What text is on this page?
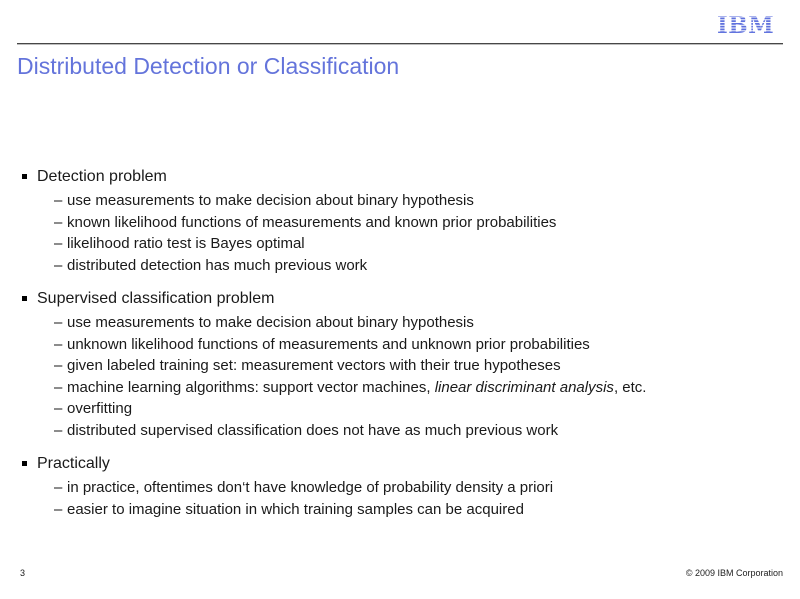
IBM
Distributed Detection or Classification
Detection problem
– use measurements to make decision about binary hypothesis
– known likelihood functions of measurements and known prior probabilities
– likelihood ratio test is Bayes optimal
– distributed detection has much previous work
Supervised classification problem
– use measurements to make decision about binary hypothesis
– unknown likelihood functions of measurements and unknown prior probabilities
– given labeled training set: measurement vectors with their true hypotheses
– machine learning algorithms: support vector machines, linear discriminant analysis, etc.
– overfitting
– distributed supervised classification does not have as much previous work
Practically
– in practice, oftentimes don‘t have knowledge of probability density a priori
– easier to imagine situation in which training samples can be acquired
3	© 2009 IBM Corporation
